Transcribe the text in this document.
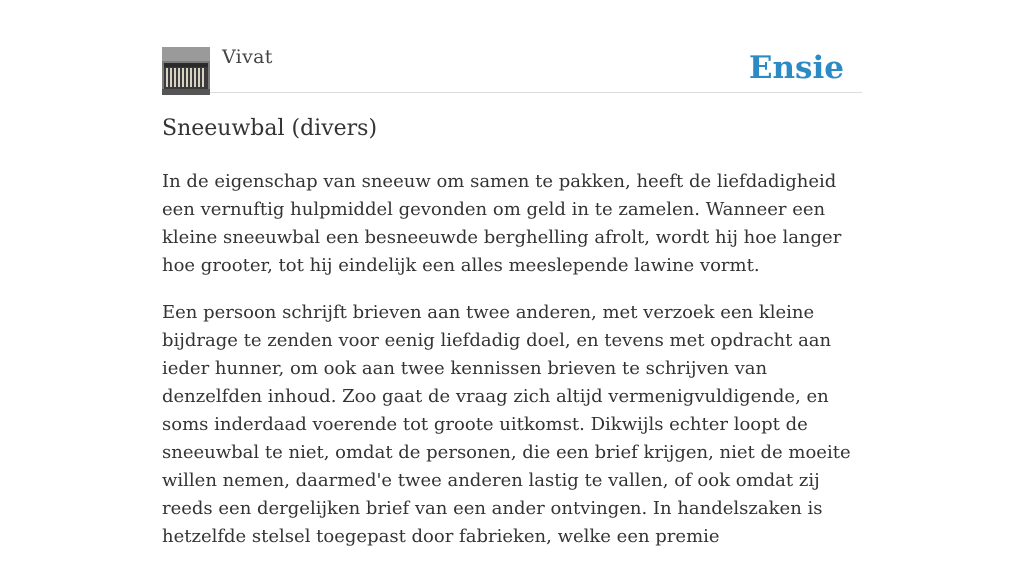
Vivat	Ensie
Sneeuwbal (divers)

In de eigenschap van sneeuw om samen te pakken, heeft de liefdadigheid een vernuftig hulpmiddel gevonden om geld in te zamelen. Wanneer een kleine sneeuwbal een besneeuwde berghelling afrolt, wordt hij hoe langer hoe grooter, tot hij eindelijk een alles meeslepende lawine vormt.

Een persoon schrijft brieven aan twee anderen, met verzoek een kleine bijdrage te zenden voor eenig liefdadig doel, en tevens met opdracht aan ieder hunner, om ook aan twee kennissen brieven te schrijven van denzelfden inhoud. Zoo gaat de vraag zich altijd vermenigvuldigende, en soms inderdaad voerende tot groote uitkomst. Dikwijls echter loopt de sneeuwbal te niet, omdat de personen, die een brief krijgen, niet de moeite willen nemen, daarmed'e twee anderen lastig te vallen, of ook omdat zij reeds een dergelijken brief van een ander ontvingen. In handelszaken is hetzelfde stelsel toegepast door fabrieken, welke een premie
